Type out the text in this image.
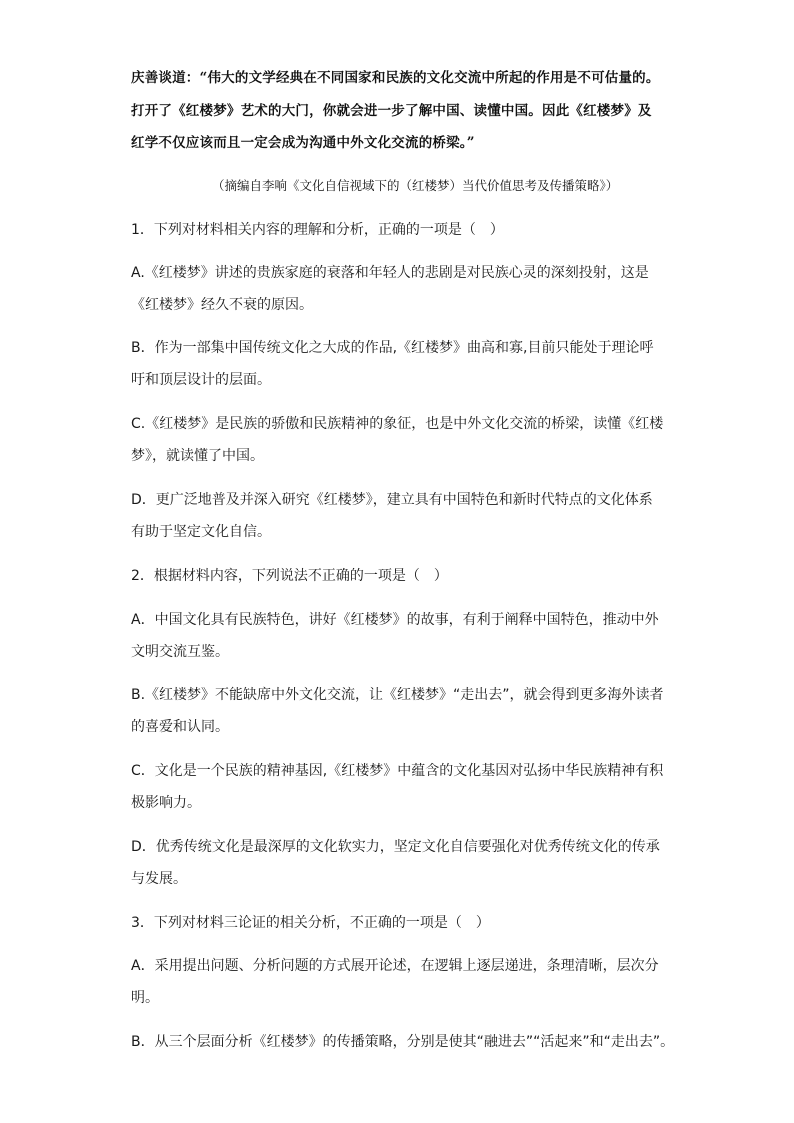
庆善谈道：“伟大的文学经典在不同国家和民族的文化交流中所起的作用是不可估量的。
打开了《红楼梦》艺术的大门，你就会进一步了解中国、读懂中国。因此《红楼梦》及
红学不仅应该而且一定会成为沟通中外文化交流的桥梁。”
（摘编自李响《文化自信视域下的（红楼梦）当代价值思考及传播策略》）
1．下列对材料相关内容的理解和分析，正确的一项是（　）
A.《红楼梦》讲述的贵族家庭的衰落和年轻人的悲剧是对民族心灵的深刻投射，这是
《红楼梦》经久不衰的原因。
B．作为一部集中国传统文化之大成的作品,《红楼梦》曲高和寡,目前只能处于理论呼
吁和顶层设计的层面。
C.《红楼梦》是民族的骄傲和民族精神的象征，也是中外文化交流的桥梁，读懂《红楼
梦》，就读懂了中国。
D．更广泛地普及并深入研究《红楼梦》，建立具有中国特色和新时代特点的文化体系
有助于坚定文化自信。
2．根据材料内容，下列说法不正确的一项是（　）
A．中国文化具有民族特色，讲好《红楼梦》的故事，有利于阐释中国特色，推动中外
文明交流互鉴。
B.《红楼梦》不能缺席中外文化交流，让《红楼梦》“走出去”，就会得到更多海外读者
的喜爱和认同。
C．文化是一个民族的精神基因,《红楼梦》中蕴含的文化基因对弘扬中华民族精神有积
极影响力。
D．优秀传统文化是最深厚的文化软实力，坚定文化自信要强化对优秀传统文化的传承
与发展。
3．下列对材料三论证的相关分析，不正确的一项是（　）
A．采用提出问题、分析问题的方式展开论述，在逻辑上逐层递进，条理清晰，层次分
明。
B．从三个层面分析《红楼梦》的传播策略，分别是使其“融进去”“活起来”和“走出去”。
